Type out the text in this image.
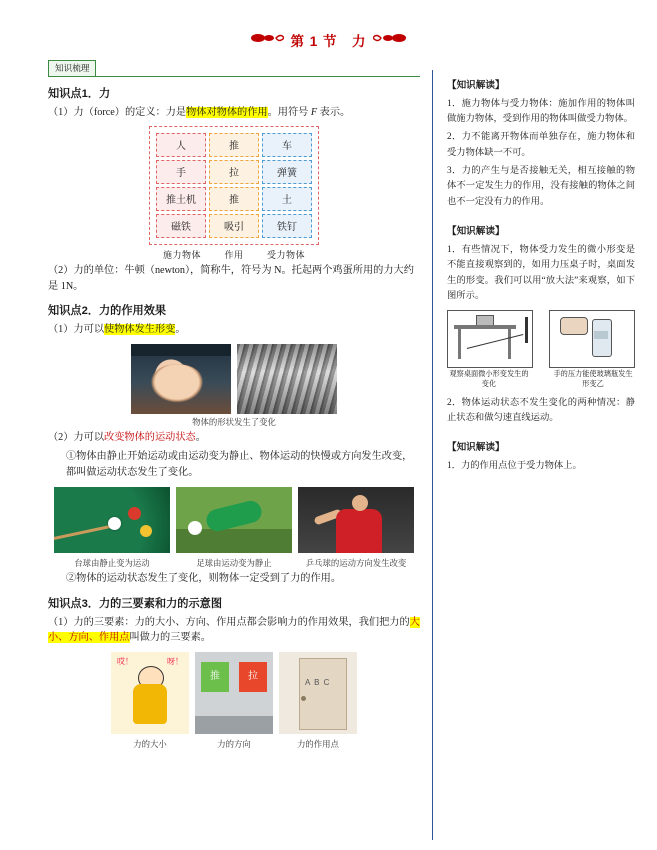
第 1 节　力
知识梳理
知识点1．力

（1）力（force）的定义：力是物体对物体的作用。用符号 F 表示。

人	推	车
手	拉	弹簧
推土机	推	土
磁铁	吸引	铁钉
施力物体	作用	受力物体

（2）力的单位：牛顿（newton），简称牛，符号为 N。托起两个鸡蛋所用的力大约是 1N。

知识点2．力的作用效果

（1）力可以使物体发生形变。

物体的形状发生了变化

（2）力可以改变物体的运动状态。

①物体由静止开始运动或由运动变为静止、物体运动的快慢或方向发生改变，都叫做运动状态发生了变化。

台球由静止变为运动	足球由运动变为静止	乒乓球的运动方向发生改变

②物体的运动状态发生了变化，则物体一定受到了力的作用。

知识点3．力的三要素和力的示意图

（1）力的三要素：力的大小、方向、作用点都会影响力的作用效果，我们把力的大小、方向、作用点叫做力的三要素。

哎！	呀！
推	拉
A B C
力的大小	力的方向	力的作用点

【知识解读】

1．施力物体与受力物体：施加作用的物体叫做施力物体，受到作用的物体叫做受力物体。

2．力不能离开物体而单独存在，施力物体和受力物体缺一不可。

3．力的产生与是否接触无关，相互接触的物体不一定发生力的作用，没有接触的物体之间也不一定没有力的作用。

【知识解读】

1．有些情况下，物体受力发生的微小形变是不能直接观察到的，如用力压桌子时，桌面发生的形变。我们可以用“放大法”来观察，如下图所示。

观察桌面微小形变发生的变化
手的压力能使玻璃瓶发生形变乙

2．物体运动状态不发生变化的两种情况：静止状态和做匀速直线运动。

【知识解读】

1．力的作用点位于受力物体上。
